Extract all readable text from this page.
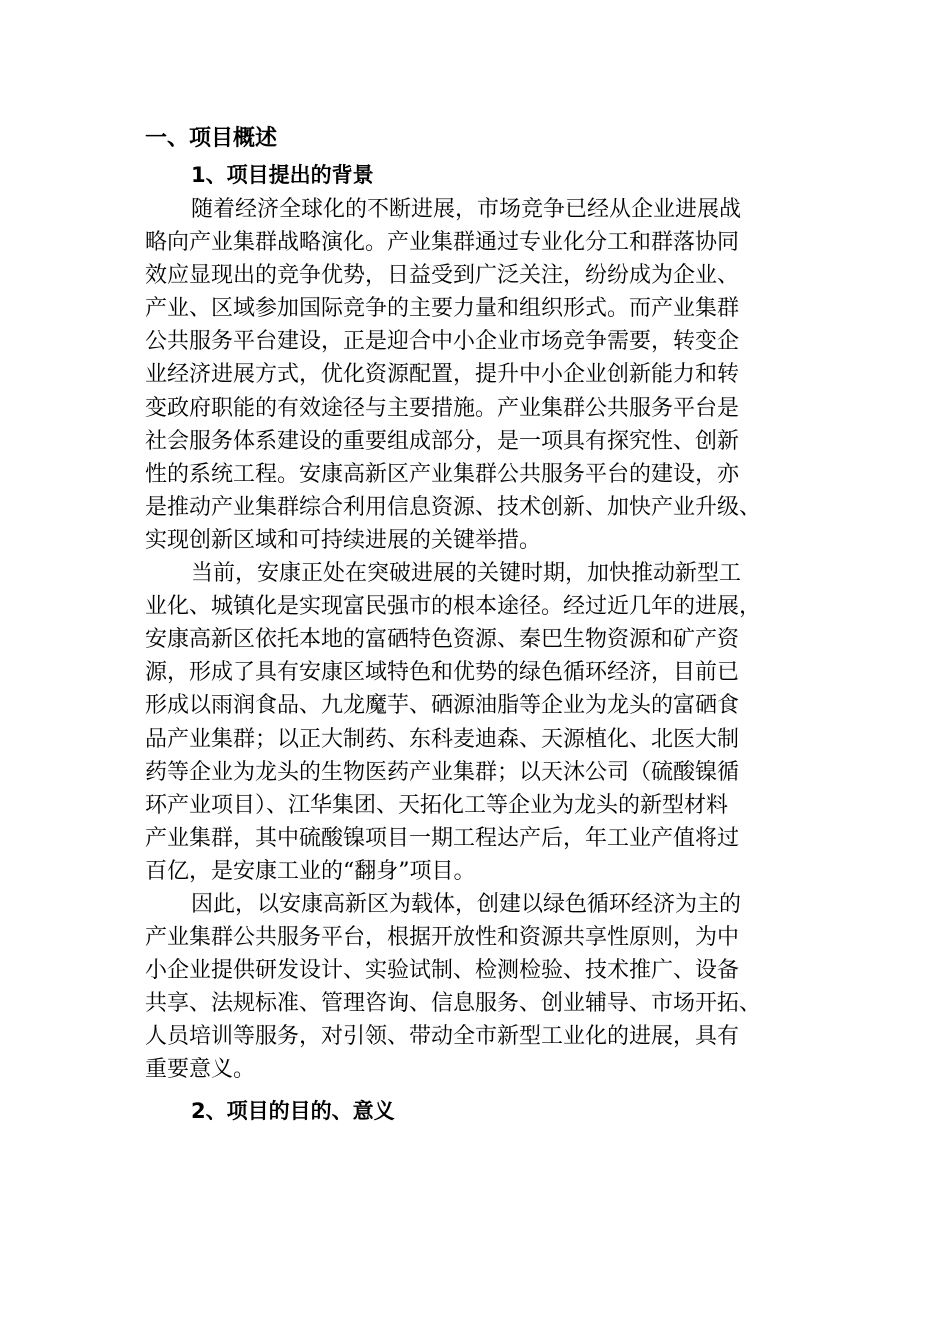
一、项目概述
1、项目提出的背景
随着经济全球化的不断进展，市场竞争已经从企业进展战
略向产业集群战略演化。产业集群通过专业化分工和群落协同
效应显现出的竞争优势，日益受到广泛关注，纷纷成为企业、
产业、区域参加国际竞争的主要力量和组织形式。而产业集群
公共服务平台建设，正是迎合中小企业市场竞争需要，转变企
业经济进展方式，优化资源配置，提升中小企业创新能力和转
变政府职能的有效途径与主要措施。产业集群公共服务平台是
社会服务体系建设的重要组成部分，是一项具有探究性、创新
性的系统工程。安康高新区产业集群公共服务平台的建设，亦
是推动产业集群综合利用信息资源、技术创新、加快产业升级、
实现创新区域和可持续进展的关键举措。
当前，安康正处在突破进展的关键时期，加快推动新型工
业化、城镇化是实现富民强市的根本途径。经过近几年的进展，
安康高新区依托本地的富硒特色资源、秦巴生物资源和矿产资
源，形成了具有安康区域特色和优势的绿色循环经济，目前已
形成以雨润食品、九龙魔芋、硒源油脂等企业为龙头的富硒食
品产业集群；以正大制药、东科麦迪森、天源植化、北医大制
药等企业为龙头的生物医药产业集群；以天沐公司（硫酸镍循
环产业项目）、江华集团、天拓化工等企业为龙头的新型材料
产业集群，其中硫酸镍项目一期工程达产后，年工业产值将过
百亿，是安康工业的“翻身”项目。
因此，以安康高新区为载体，创建以绿色循环经济为主的
产业集群公共服务平台，根据开放性和资源共享性原则，为中
小企业提供研发设计、实验试制、检测检验、技术推广、设备
共享、法规标准、管理咨询、信息服务、创业辅导、市场开拓、
人员培训等服务，对引领、带动全市新型工业化的进展，具有
重要意义。
2、项目的目的、意义
